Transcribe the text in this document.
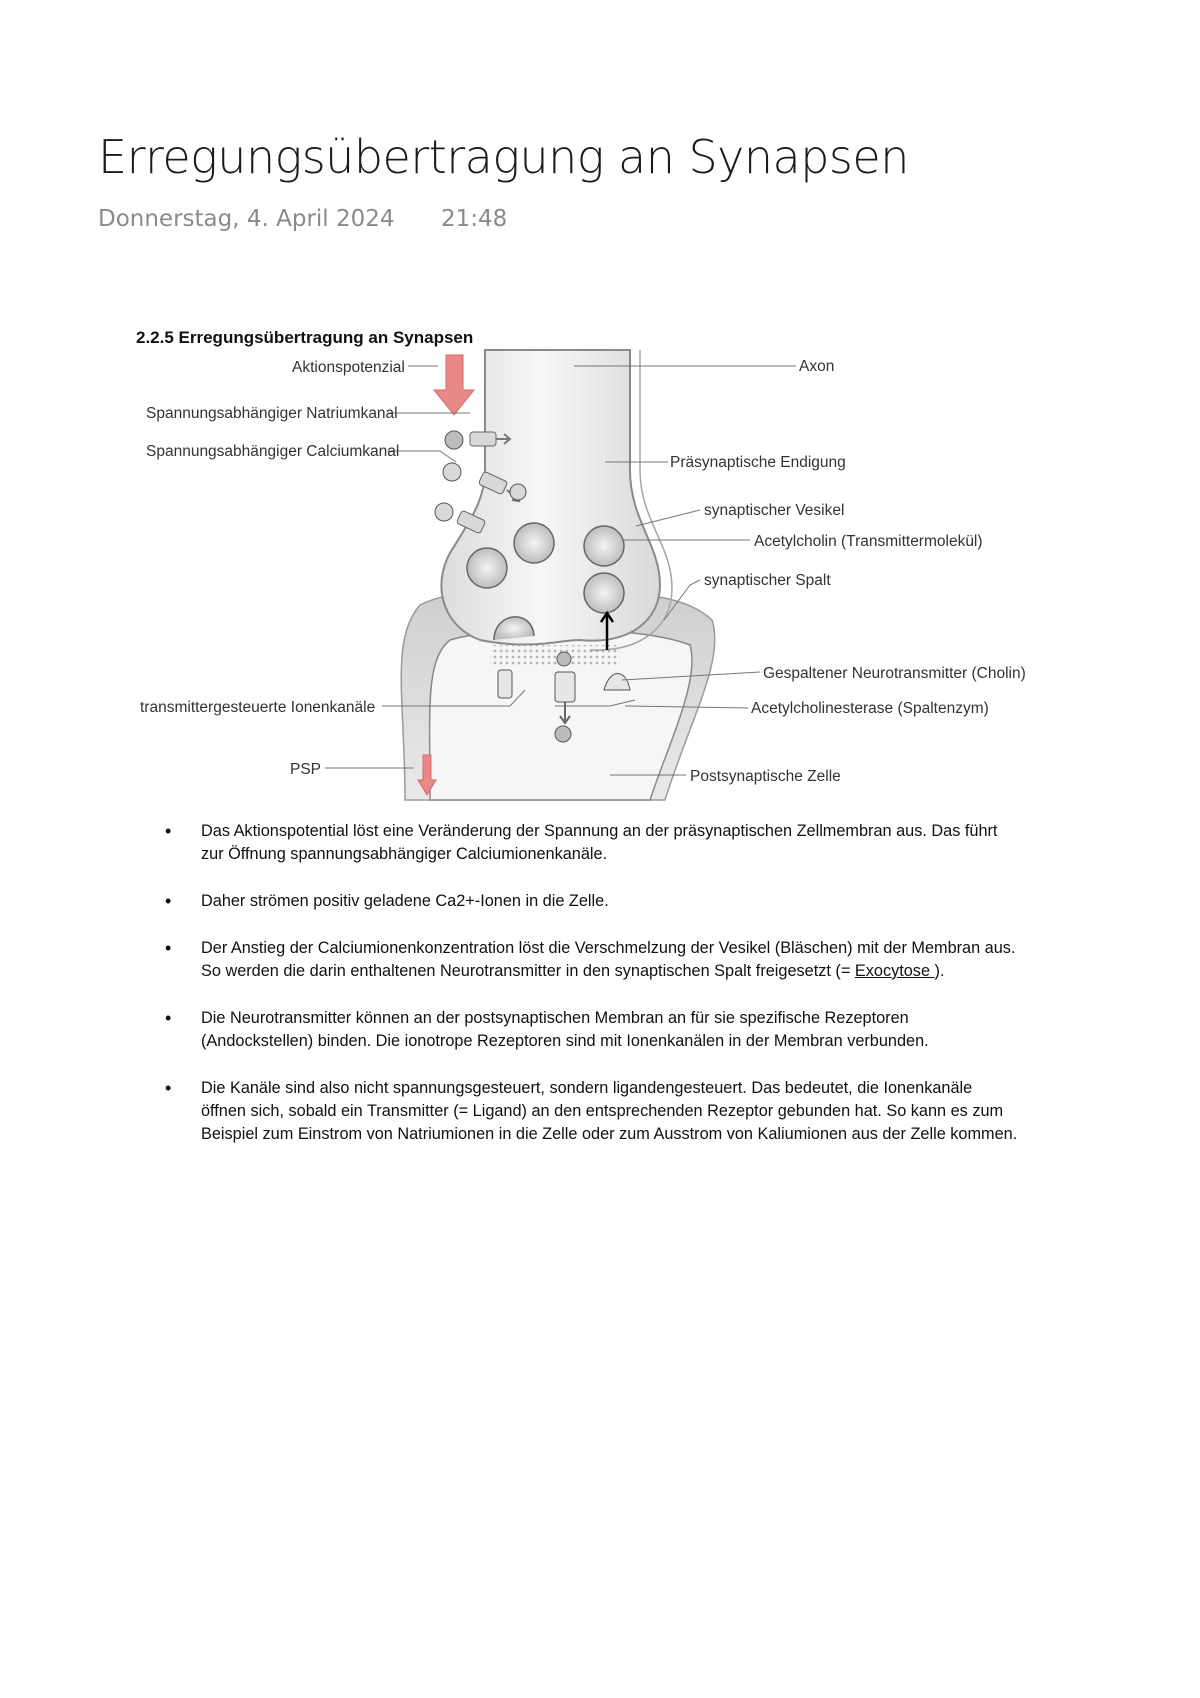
Erregungsübertragung an Synapsen
Donnerstag, 4. April 2024 21:48
2.2.5 Erregungsübertragung an Synapsen
Aktionspotenzial
Spannungsabhängiger Natriumkanal
Spannungsabhängiger Calciumkanal
Axon
Präsynaptische Endigung
synaptischer Vesikel
Acetylcholin (Transmittermolekül)
synaptischer Spalt
Gespaltener Neurotransmitter (Cholin)
transmittergesteuerte Ionenkanäle	Acetylcholinesterase (Spaltenzym)
PSP	Postsynaptische Zelle
• Das Aktionspotential löst eine Veränderung der Spannung an der präsynaptischen Zellmembran aus. Das führt zur Öffnung spannungsabhängiger Calciumionenkanäle.
• Daher strömen positiv geladene Ca2+-Ionen in die Zelle.
• Der Anstieg der Calciumionenkonzentration löst die Verschmelzung der Vesikel (Bläschen) mit der Membran aus. So werden die darin enthaltenen Neurotransmitter in den synaptischen Spalt freigesetzt (= Exocytose ).
• Die Neurotransmitter können an der postsynaptischen Membran an für sie spezifische Rezeptoren (Andockstellen) binden. Die ionotrope Rezeptoren sind mit Ionenkanälen in der Membran verbunden.
• Die Kanäle sind also nicht spannungsgesteuert, sondern ligandengesteuert. Das bedeutet, die Ionenkanäle öffnen sich, sobald ein Transmitter (= Ligand) an den entsprechenden Rezeptor gebunden hat. So kann es zum Beispiel zum Einstrom von Natriumionen in die Zelle oder zum Ausstrom von Kaliumionen aus der Zelle kommen.
